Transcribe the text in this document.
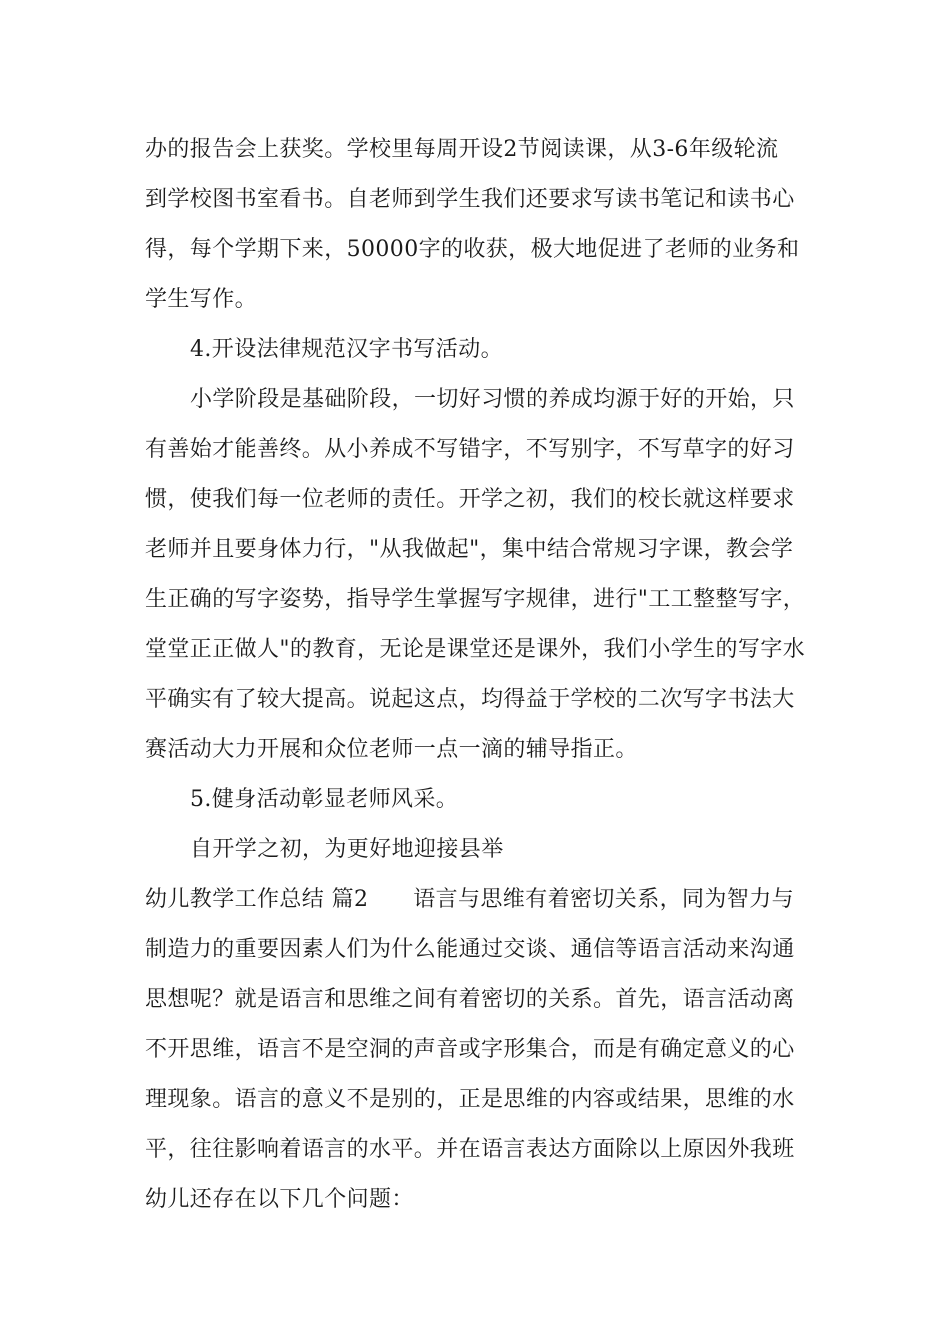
办的报告会上获奖。学校里每周开设2节阅读课，从3-6年级轮流
到学校图书室看书。自老师到学生我们还要求写读书笔记和读书心
得，每个学期下来，50000字的收获，极大地促进了老师的业务和
学生写作。
4.开设法律规范汉字书写活动。
小学阶段是基础阶段，一切好习惯的养成均源于好的开始，只
有善始才能善终。从小养成不写错字，不写别字，不写草字的好习
惯，使我们每一位老师的责任。开学之初，我们的校长就这样要求
老师并且要身体力行，"从我做起"，集中结合常规习字课，教会学
生正确的写字姿势，指导学生掌握写字规律，进行"工工整整写字，
堂堂正正做人"的教育，无论是课堂还是课外，我们小学生的写字水
平确实有了较大提高。说起这点，均得益于学校的二次写字书法大
赛活动大力开展和众位老师一点一滴的辅导指正。
5.健身活动彰显老师风采。
自开学之初，为更好地迎接县举
幼儿教学工作总结 篇2　　语言与思维有着密切关系，同为智力与
制造力的重要因素人们为什么能通过交谈、通信等语言活动来沟通
思想呢？就是语言和思维之间有着密切的关系。首先，语言活动离
不开思维，语言不是空洞的声音或字形集合，而是有确定意义的心
理现象。语言的意义不是别的，正是思维的内容或结果，思维的水
平，往往影响着语言的水平。并在语言表达方面除以上原因外我班
幼儿还存在以下几个问题：
